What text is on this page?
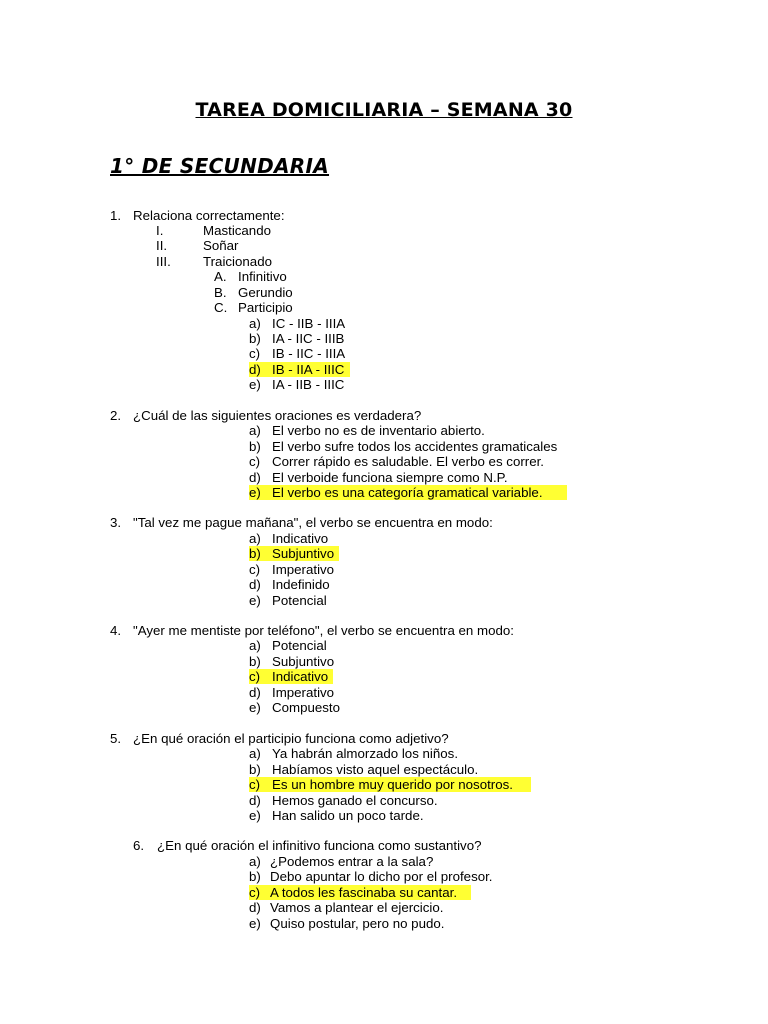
TAREA DOMICILIARIA – SEMANA 30
1° DE SECUNDARIA
1. Relaciona correctamente:
I.	Masticando
II.	Soñar
III. Traicionado
A. Infinitivo
B. Gerundio
C. Participio
a) IC - IIB - IIIA
b) IA - IIC - IIIB
c) IB - IIC - IIIA
d) IB - IIA - IIIC
e) IA - IIB - IIIC
2. ¿Cuál de las siguientes oraciones es verdadera?
a) El verbo no es de inventario abierto.
b) El verbo sufre todos los accidentes gramaticales
c) Correr rápido es saludable. El verbo es correr.
d) El verboide funciona siempre como N.P.
e) El verbo es una categoría gramatical variable.
3. "Tal vez me pague mañana", el verbo se encuentra en modo:
a) Indicativo
b) Subjuntivo
c) Imperativo
d) Indefinido
e) Potencial
4. "Ayer me mentiste por teléfono", el verbo se encuentra en modo:
a) Potencial
b) Subjuntivo
c) Indicativo
d) Imperativo
e) Compuesto
5. ¿En qué oración el participio funciona como adjetivo?
a) Ya habrán almorzado los niños.
b) Habíamos visto aquel espectáculo.
c) Es un hombre muy querido por nosotros.
d) Hemos ganado el concurso.
e) Han salido un poco tarde.
6. ¿En qué oración el infinitivo funciona como sustantivo?
a) ¿Podemos entrar a la sala?
b) Debo apuntar lo dicho por el profesor.
c) A todos les fascinaba su cantar.
d) Vamos a plantear el ejercicio.
e) Quiso postular, pero no pudo.
